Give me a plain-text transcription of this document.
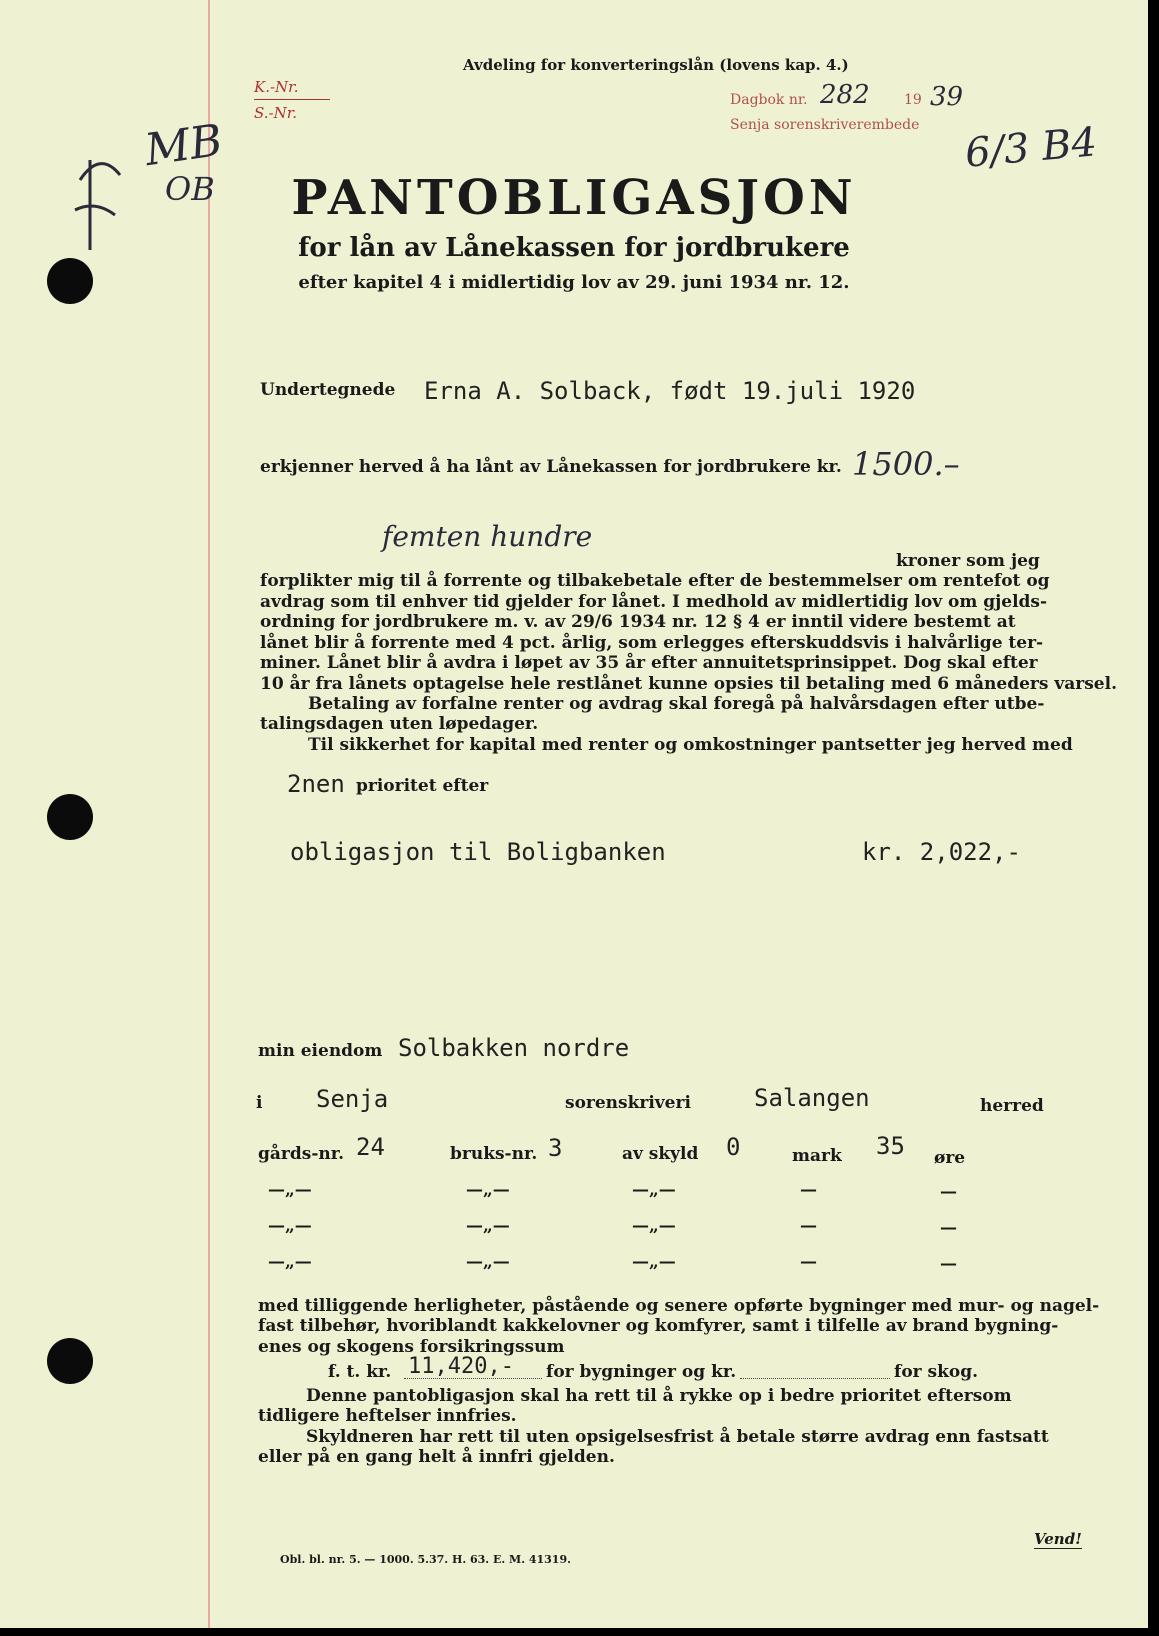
Avdeling for konverteringslån (lovens kap. 4.)
K.-Nr.
S.-Nr.
MB
OB
Dagbok nr. 282 19 39
Senja sorenskriverembede 6/3 B4
PANTOBLIGASJON
for lån av Lånekassen for jordbrukere
efter kapitel 4 i midlertidig lov av 29. juni 1934 nr. 12.
Undertegnede Erna A. Solback, født 19.juli 1920
erkjenner herved å ha lånt av Lånekassen for jordbrukere kr. 1500.–
femten hundre
kroner som jeg
forplikter mig til å forrente og tilbakebetale efter de bestemmelser om rentefot og
avdrag som til enhver tid gjelder for lånet. I medhold av midlertidig lov om gjelds-
ordning for jordbrukere m. v. av 29/6 1934 nr. 12 § 4 er inntil videre bestemt at
lånet blir å forrente med 4 pct. årlig, som erlegges efterskuddsvis i halvårlige ter-
miner. Lånet blir å avdra i løpet av 35 år efter annuitetsprinsippet. Dog skal efter
10 år fra lånets optagelse hele restlånet kunne opsies til betaling med 6 måneders varsel.
Betaling av forfalne renter og avdrag skal foregå på halvårsdagen efter utbe-
talingsdagen uten løpedager.
Til sikkerhet for kapital med renter og omkostninger pantsetter jeg herved med
2nen prioritet efter
obligasjon til Boligbanken	kr. 2,022,-
min eiendom Solbakken nordre
i Senja	sorenskriveri	Salangen	herred
gårds-nr. 24	bruks-nr. 3	av skyld 0	mark 35 øre
—„—	—„—	—„—	—	—
—„—	—„—	—„—	—	—
—„—	—„—	—„—	—	—
med tilliggende herligheter, påstående og senere opførte bygninger med mur- og nagel-
fast tilbehør, hvoriblandt kakkelovner og komfyrer, samt i tilfelle av brand bygning-
enes og skogens forsikringssum
f. t. kr. 11,420,- for bygninger og kr.	for skog.
Denne pantobligasjon skal ha rett til å rykke op i bedre prioritet eftersom
tidligere heftelser innfries.
Skyldneren har rett til uten opsigelsesfrist å betale større avdrag enn fastsatt
eller på en gang helt å innfri gjelden.
Obl. bl. nr. 5. — 1000. 5.37. H. 63. E. M. 41319.
Vend!
